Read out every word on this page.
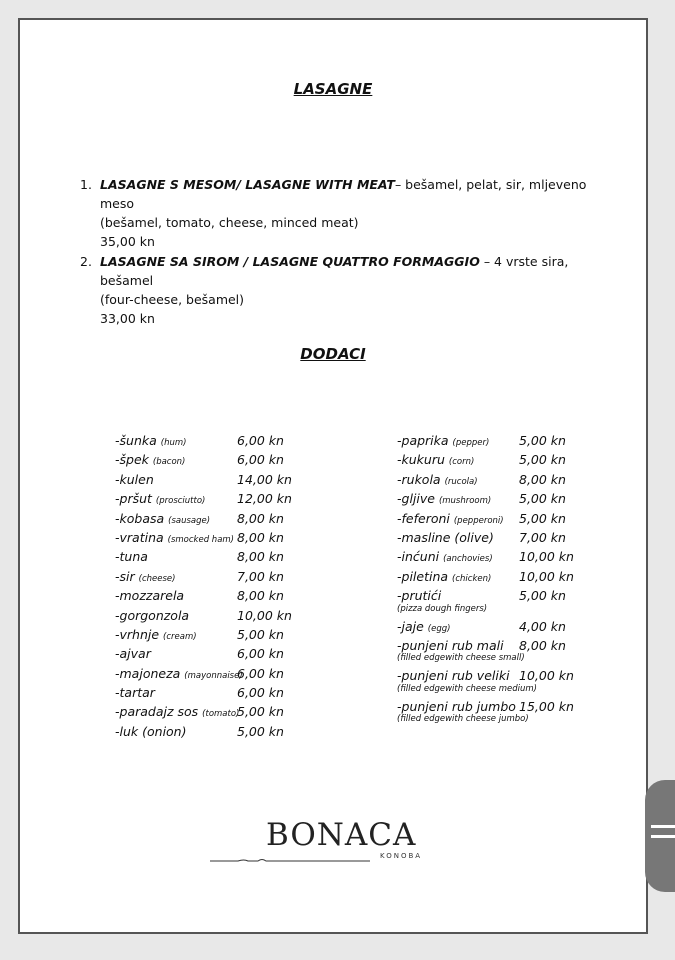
LASAGNE
1. LASAGNE S MESOM/ LASAGNE WITH MEAT– bešamel, pelat, sir, mljeveno meso
(bešamel, tomato, cheese, minced meat)
35,00 kn
2. LASAGNE SA SIROM / LASAGNE QUATTRO FORMAGGIO – 4 vrste sira, bešamel
(four-cheese, bešamel)
33,00 kn
DODACI
-šunka (hum)	6,00 kn
-špek (bacon)	6,00 kn
-kulen	14,00 kn
-pršut (prosciutto)	12,00 kn
-kobasa (sausage) 8,00 kn
-vratina (smocked ham) 8,00 kn
-tuna	8,00 kn
-sir (cheese)	7,00 kn
-mozzarela	8,00 kn
-gorgonzola	10,00 kn
-vrhnje (cream)	5,00 kn
-ajvar	6,00 kn
-majoneza (mayonnaise)
6,00 kn
-tartar	6,00 kn
-paradajz sos (tomato)
5,00 kn
-luk (onion)	5,00 kn
-paprika (pepper) 5,00 kn
-kukuru (corn)	5,00 kn
-rukola (rucola)	8,00 kn
-gljive (mushroom) 5,00 kn
-feferoni (pepperoni) 5,00 kn
-masline (olive) 7,00 kn
-inćuni (anchovies) 10,00 kn
-piletina (chicken) 10,00 kn
-prutići	5,00 kn
(pizza dough fingers)
-jaje (egg)	4,00 kn
-punjeni rub mali 8,00 kn
(filled edgewith cheese small)
-punjeni rub veliki 10,00 kn
(filled edgewith cheese medium)
-punjeni rub jumbo 15,00 kn
(filled edgewith cheese jumbo)
BONACA
KONOBA
